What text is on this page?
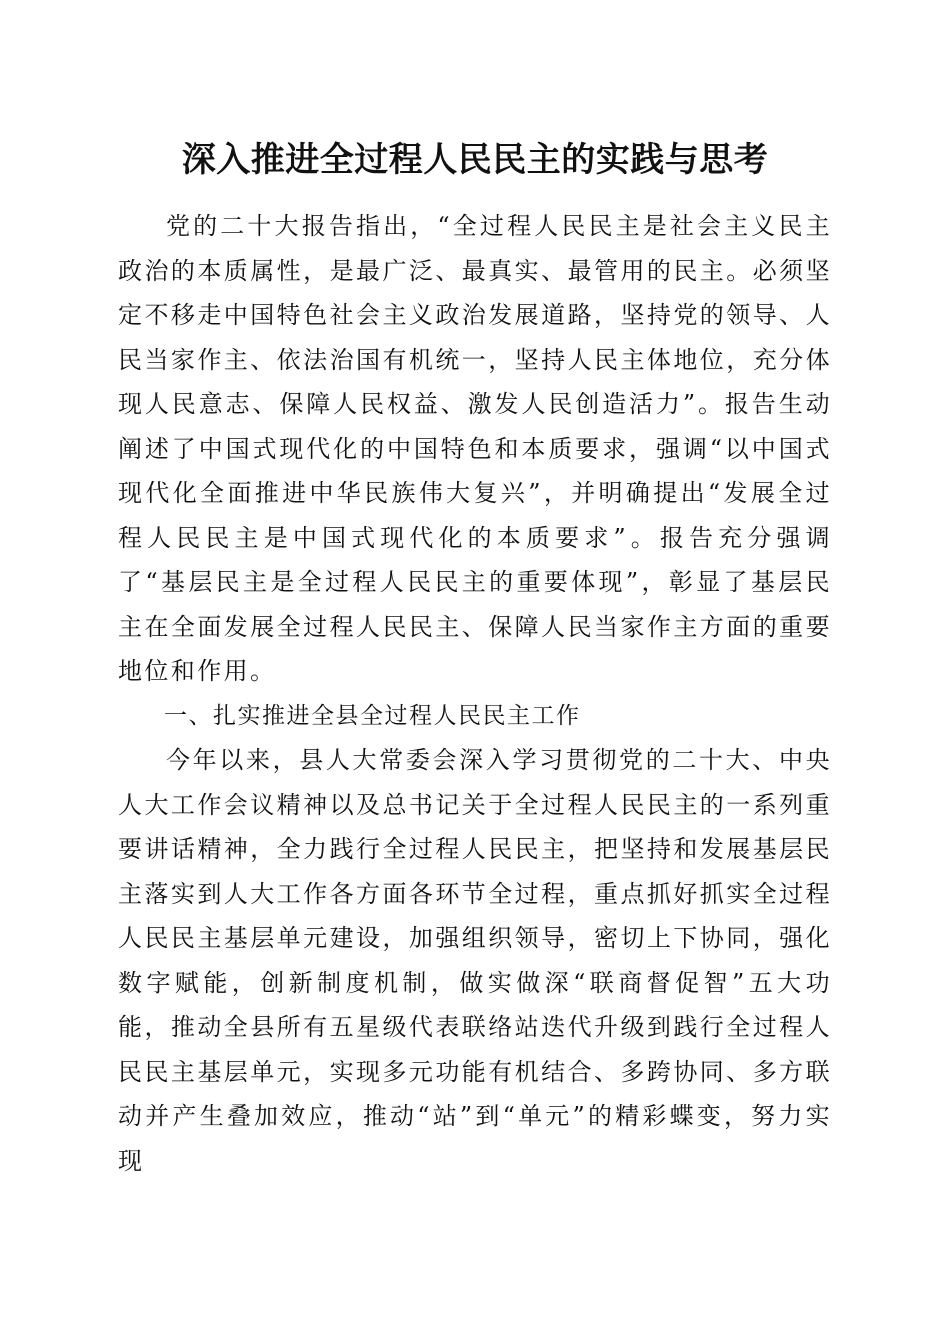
深入推进全过程人民民主的实践与思考

党的二十大报告指出，“全过程人民民主是社会主义民主政治的本质属性，是最广泛、最真实、最管用的民主。必须坚定不移走中国特色社会主义政治发展道路，坚持党的领导、人民当家作主、依法治国有机统一，坚持人民主体地位，充分体现人民意志、保障人民权益、激发人民创造活力”。报告生动阐述了中国式现代化的中国特色和本质要求，强调“以中国式现代化全面推进中华民族伟大复兴”，并明确提出“发展全过程人民民主是中国式现代化的本质要求”。报告充分强调了“基层民主是全过程人民民主的重要体现”，彰显了基层民主在全面发展全过程人民民主、保障人民当家作主方面的重要地位和作用。

一、扎实推进全县全过程人民民主工作

今年以来，县人大常委会深入学习贯彻党的二十大、中央人大工作会议精神以及总书记关于全过程人民民主的一系列重要讲话精神，全力践行全过程人民民主，把坚持和发展基层民主落实到人大工作各方面各环节全过程，重点抓好抓实全过程人民民主基层单元建设，加强组织领导，密切上下协同，强化数字赋能，创新制度机制，做实做深“联商督促智”五大功能，推动全县所有五星级代表联络站迭代升级到践行全过程人民民主基层单元，实现多元功能有机结合、多跨协同、多方联动并产生叠加效应，推动“站”到“单元”的精彩蝶变，努力实现
